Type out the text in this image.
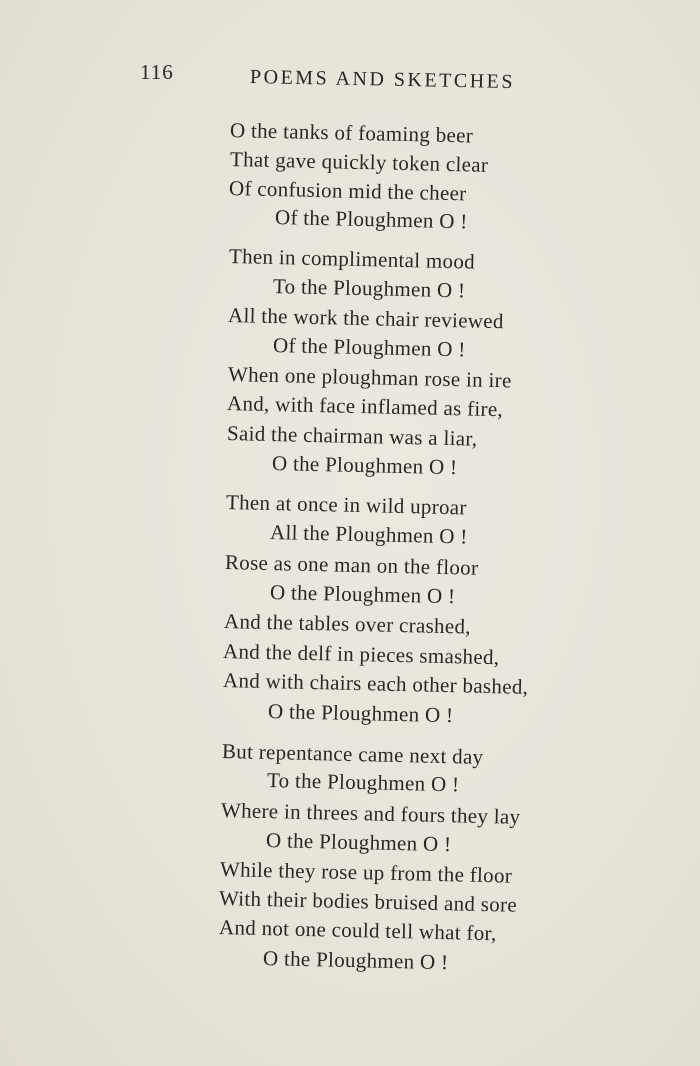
116	POEMS AND SKETCHES
O the tanks of foaming beer
That gave quickly token clear
Of confusion mid the cheer
Of the Ploughmen O !
Then in complimental mood
To the Ploughmen O !
All the work the chair reviewed
Of the Ploughmen O !
When one ploughman rose in ire
And, with face inflamed as fire,
Said the chairman was a liar,
O the Ploughmen O !
Then at once in wild uproar
All the Ploughmen O !
Rose as one man on the floor
O the Ploughmen O !
And the tables over crashed,
And the delf in pieces smashed,
And with chairs each other bashed,
O the Ploughmen O !
But repentance came next day
To the Ploughmen O !
Where in threes and fours they lay
O the Ploughmen O !
While they rose up from the floor
With their bodies bruised and sore
And not one could tell what for,
O the Ploughmen O !
